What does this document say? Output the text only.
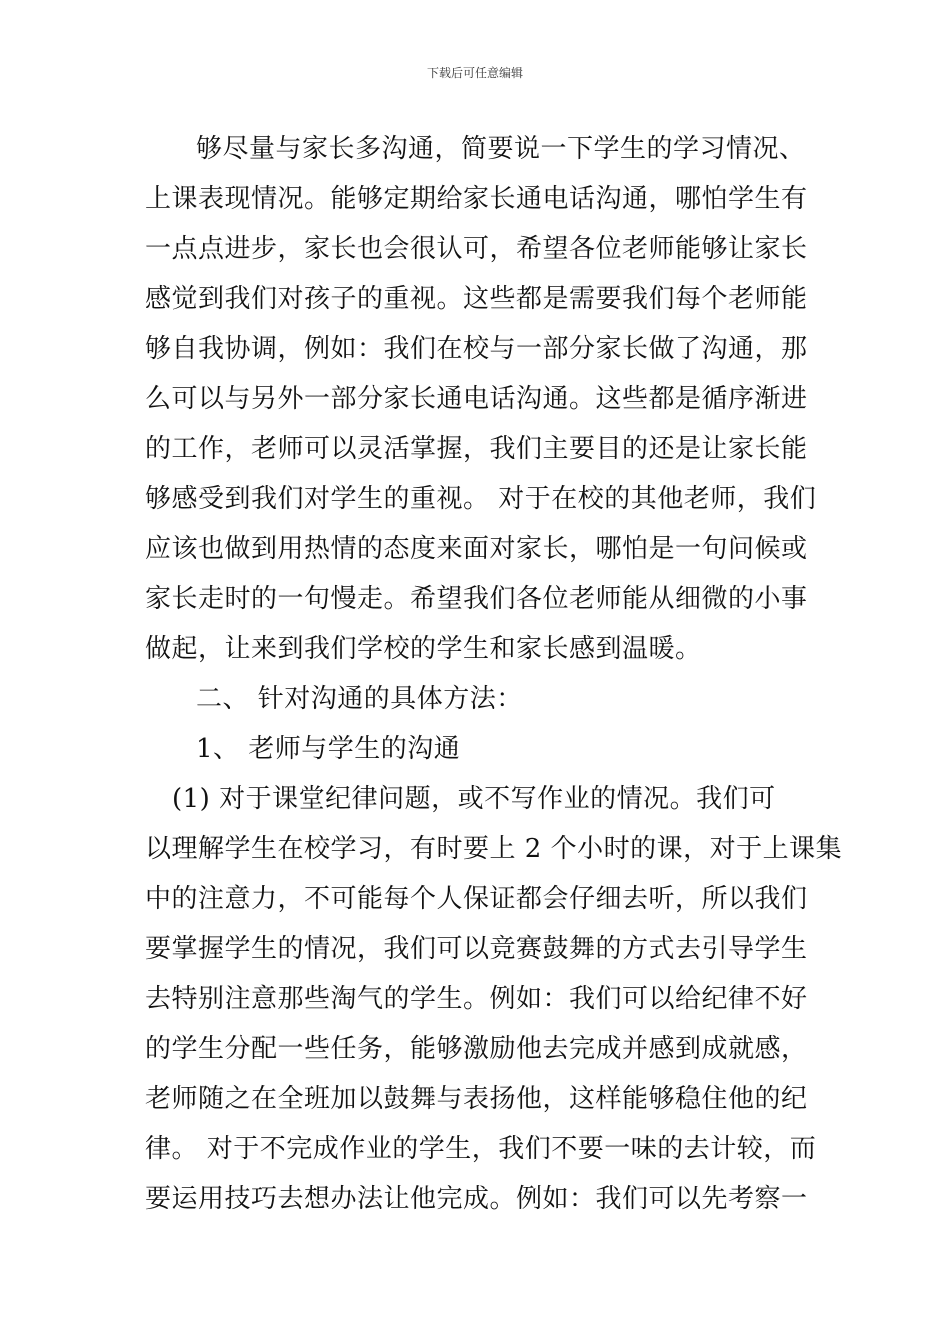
下载后可任意编辑
够尽量与家长多沟通，简要说一下学生的学习情况、
上课表现情况。能够定期给家长通电话沟通，哪怕学生有
一点点进步，家长也会很认可，希望各位老师能够让家长
感觉到我们对孩子的重视。这些都是需要我们每个老师能
够自我协调，例如：我们在校与一部分家长做了沟通，那
么可以与另外一部分家长通电话沟通。这些都是循序渐进
的工作，老师可以灵活掌握，我们主要目的还是让家长能
够感受到我们对学生的重视。 对于在校的其他老师，我们
应该也做到用热情的态度来面对家长，哪怕是一句问候或
家长走时的一句慢走。希望我们各位老师能从细微的小事
做起，让来到我们学校的学生和家长感到温暖。
二、 针对沟通的具体方法：
1、 老师与学生的沟通
(1) 对于课堂纪律问题，或不写作业的情况。我们可
以理解学生在校学习，有时要上 2 个小时的课，对于上课集
中的注意力，不可能每个人保证都会仔细去听，所以我们
要掌握学生的情况，我们可以竞赛鼓舞的方式去引导学生
去特别注意那些淘气的学生。例如：我们可以给纪律不好
的学生分配一些任务，能够激励他去完成并感到成就感，
老师随之在全班加以鼓舞与表扬他，这样能够稳住他的纪
律。 对于不完成作业的学生，我们不要一味的去计较，而
要运用技巧去想办法让他完成。例如：我们可以先考察一
